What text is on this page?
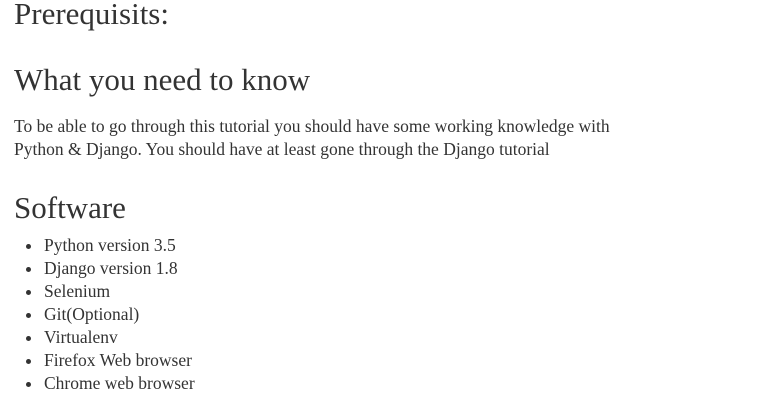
Prerequisits:
What you need to know

To be able to go through this tutorial you should have some working knowledge with
Python & Django. You should have at least gone through the Django tutorial

Software
Python version 3.5
Django version 1.8
Selenium
Git(Optional)
Virtualenv
Firefox Web browser
Chrome web browser
